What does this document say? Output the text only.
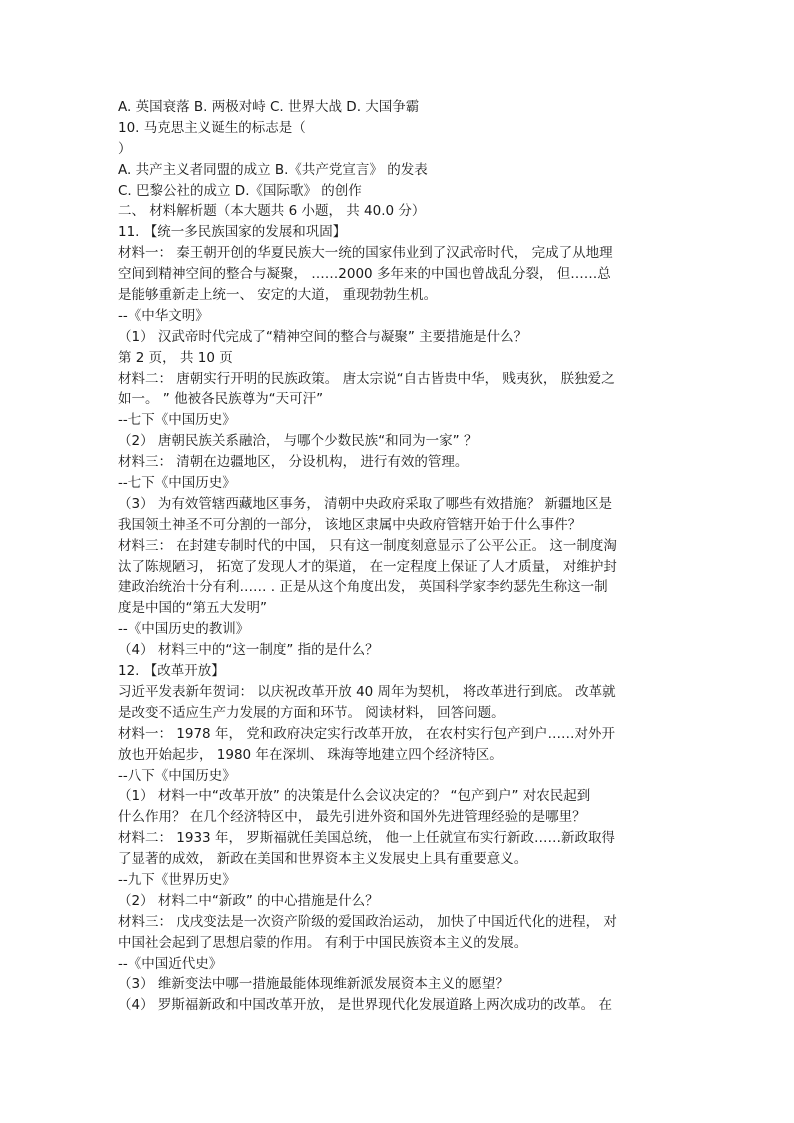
A. 英国衰落 B. 两极对峙 C. 世界大战 D. 大国争霸
10. 马克思主义诞生的标志是（
）
A. 共产主义者同盟的成立 B.《共产党宣言》 的发表
C. 巴黎公社的成立 D.《国际歌》 的创作
二、 材料解析题（本大题共 6 小题， 共 40.0 分）
11. 【统一多民族国家的发展和巩固】
材料一： 秦王朝开创的华夏民族大一统的国家伟业到了汉武帝时代， 完成了从地理
空间到精神空间的整合与凝聚， ……2000 多年来的中国也曾战乱分裂， 但……总
是能够重新走上统一、 安定的大道， 重现勃勃生机。
--《中华文明》
（1） 汉武帝时代完成了“精神空间的整合与凝聚” 主要措施是什么？
第 2 页， 共 10 页
材料二： 唐朝实行开明的民族政策。 唐太宗说“自古皆贵中华， 贱夷狄， 朕独爱之
如一。 ” 他被各民族尊为“天可汗”
--七下《中国历史》
（2） 唐朝民族关系融洽， 与哪个少数民族“和同为一家” ？
材料三： 清朝在边疆地区， 分设机构， 进行有效的管理。
--七下《中国历史》
（3） 为有效管辖西藏地区事务， 清朝中央政府采取了哪些有效措施？ 新疆地区是
我国领土神圣不可分割的一部分， 该地区隶属中央政府管辖开始于什么事件？
材料三： 在封建专制时代的中国， 只有这一制度刻意显示了公平公正。 这一制度淘
汰了陈规陋习， 拓宽了发现人才的渠道， 在一定程度上保证了人才质量， 对维护封
建政治统治十分有利…… . 正是从这个角度出发， 英国科学家李约瑟先生称这一制
度是中国的“第五大发明”
--《中国历史的教训》
（4） 材料三中的“这一制度” 指的是什么？
12. 【改革开放】
习近平发表新年贺词： 以庆祝改革开放 40 周年为契机， 将改革进行到底。 改革就
是改变不适应生产力发展的方面和环节。 阅读材料， 回答问题。
材料一： 1978 年， 党和政府决定实行改革开放， 在农村实行包产到户……对外开
放也开始起步， 1980 年在深圳、 珠海等地建立四个经济特区。
--八下《中国历史》
（1） 材料一中“改革开放” 的决策是什么会议决定的？ “包产到户” 对农民起到
什么作用？ 在几个经济特区中， 最先引进外资和国外先进管理经验的是哪里？
材料二： 1933 年， 罗斯福就任美国总统， 他一上任就宣布实行新政……新政取得
了显著的成效， 新政在美国和世界资本主义发展史上具有重要意义。
--九下《世界历史》
（2） 材料二中“新政” 的中心措施是什么？
材料三： 戊戌变法是一次资产阶级的爱国政治运动， 加快了中国近代化的进程， 对
中国社会起到了思想启蒙的作用。 有利于中国民族资本主义的发展。
--《中国近代史》
（3） 维新变法中哪一措施最能体现维新派发展资本主义的愿望？
（4） 罗斯福新政和中国改革开放， 是世界现代化发展道路上两次成功的改革。 在
